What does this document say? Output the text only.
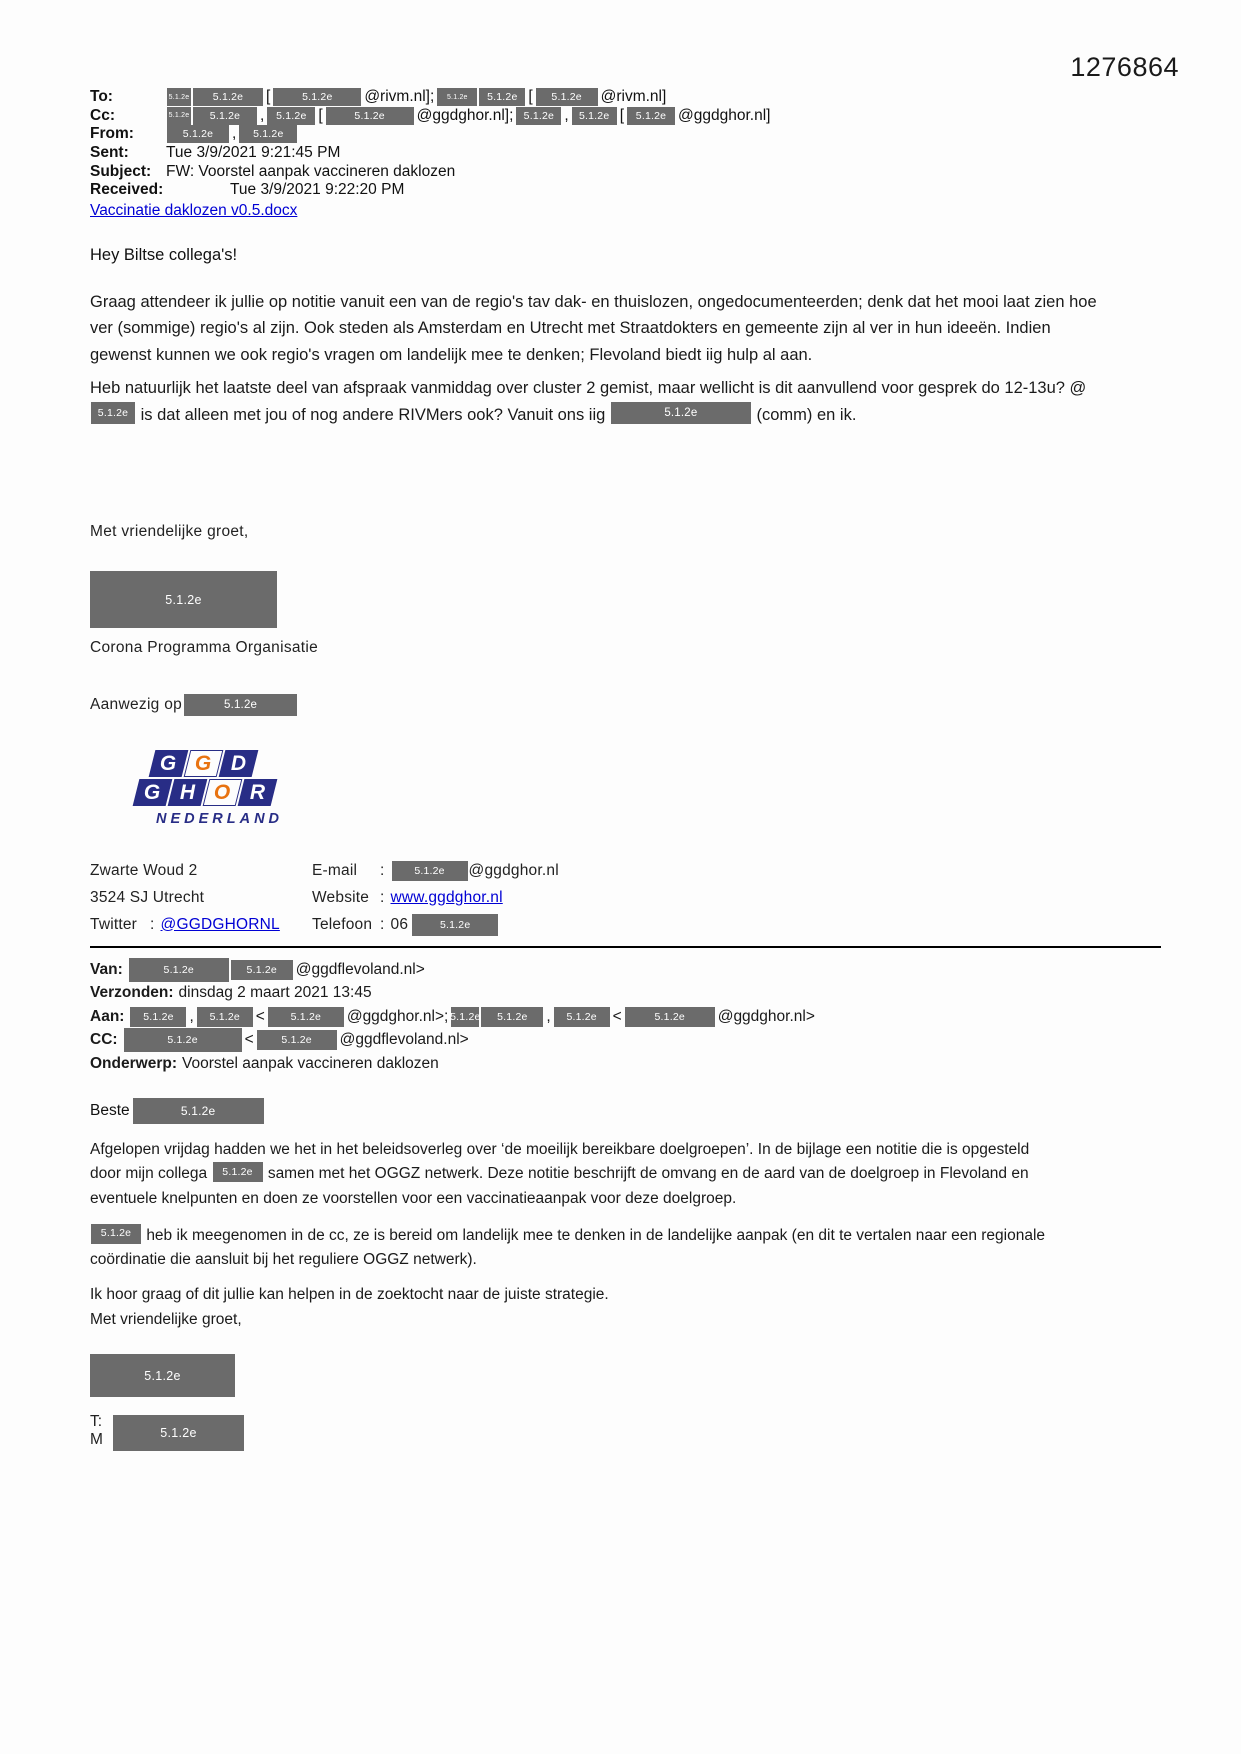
1276864
To:	5.1.2e	5.1.2e	[	5.1.2e	@rivm.nl];	5.1.2e	5.1.2e [	5.1.2e	@rivm.nl]
Cc:	5.1.2e	5.1.2e	,	5.1.2e [	5.1.2e	@ggdghor.nl]; 5.1.2e , 5.1.2e [	5.1.2e @ggdghor.nl]
From:	5.1.2e	,	5.1.2e
Sent:	Tue 3/9/2021 9:21:45 PM
Subject: FW: Voorstel aanpak vaccineren daklozen
Received:	Tue 3/9/2021 9:22:20 PM
Vaccinatie daklozen v0.5.docx
Hey Biltse collega's!
Graag attendeer ik jullie op notitie vanuit een van de regio's tav dak- en thuislozen, ongedocumenteerden; denk dat het mooi laat zien hoe ver (sommige) regio's al zijn. Ook steden als Amsterdam en Utrecht met Straatdokters en gemeente zijn al ver in hun ideeën. Indien gewenst kunnen we ook regio's vragen om landelijk mee te denken; Flevoland biedt iig hulp al aan.
Heb natuurlijk het laatste deel van afspraak vanmiddag over cluster 2 gemist, maar wellicht is dit aanvullend voor gesprek do 12-13u? @5.1.2e is dat alleen met jou of nog andere RIVMers ook? Vanuit ons iig	5.1.2e	(comm) en ik.
Met vriendelijke groet,
5.1.2e
Corona Programma Organisatie
Aanwezig op	5.1.2e
G G D
G H O R
NEDERLAND
Zwarte Woud 2	E-mail	:	5.1.2e	@ggdghor.nl
3524 SJ Utrecht	Website : www.ggdghor.nl
Twitter : @GGDGHORNL Telefoon : 06	5.1.2e
Van:	5.1.2e	5.1.2e	@ggdflevoland.nl>
Verzonden: dinsdag 2 maart 2021 13:45
Aan:	5.1.2e	,	5.1.2e	<	5.1.2e	@ggdghor.nl>; 5.1.2e	5.1.2e	,	5.1.2e	<	5.1.2e	@ggdghor.nl>
CC:	5.1.2e	<	5.1.2e	@ggdflevoland.nl>
Onderwerp: Voorstel aanpak vaccineren daklozen
Beste	5.1.2e
Afgelopen vrijdag hadden we het in het beleidsoverleg over ‘de moeilijk bereikbare doelgroepen’. In de bijlage een notitie die is opgesteld door mijn collega 5.1.2e samen met het OGGZ netwerk. Deze notitie beschrijft de omvang en de aard van de doelgroep in Flevoland en eventuele knelpunten en doen ze voorstellen voor een vaccinatieaanpak voor deze doelgroep.
5.1.2e heb ik meegenomen in de cc, ze is bereid om landelijk mee te denken in de landelijke aanpak (en dit te vertalen naar een regionale coördinatie die aansluit bij het reguliere OGGZ netwerk).
Ik hoor graag of dit jullie kan helpen in de zoektocht naar de juiste strategie.
Met vriendelijke groet,
5.1.2e
T:
M	5.1.2e
